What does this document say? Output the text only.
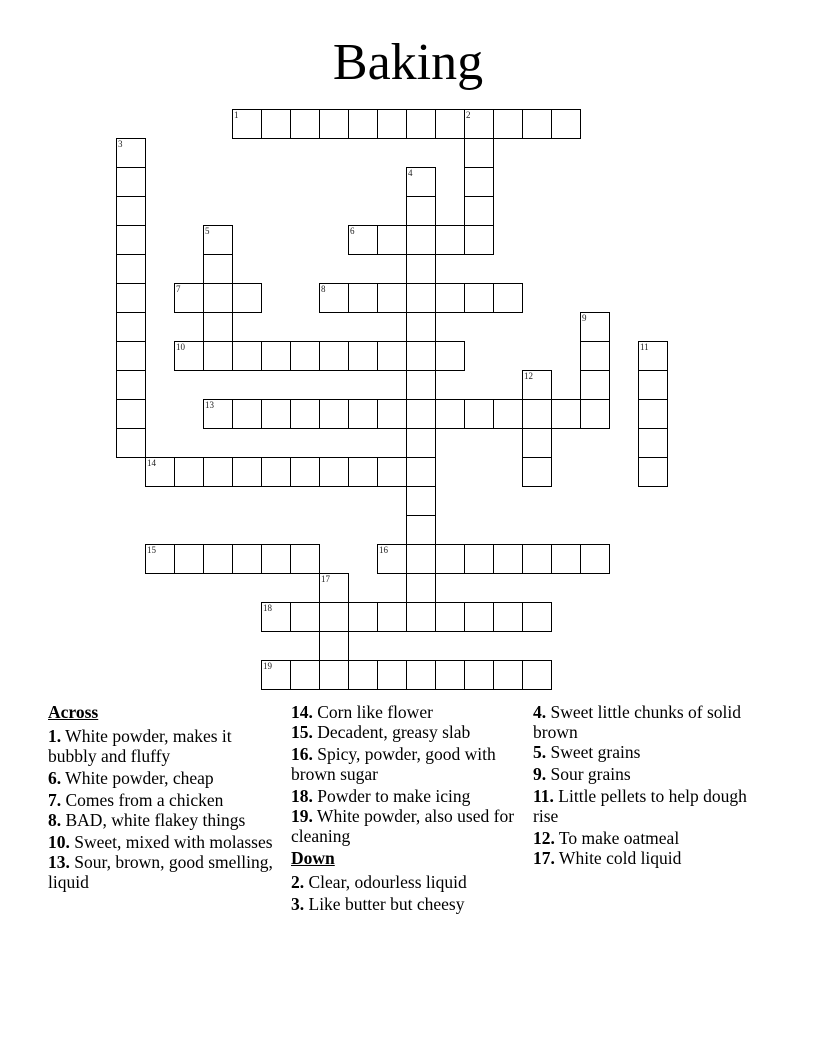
Baking
1	2
3
4
5	6
7	8
9
10	11
12
13
14
15	16
17
18
19
Across
1. White powder, makes it bubbly and fluffy
6. White powder, cheap
7. Comes from a chicken
8. BAD, white flakey things
10. Sweet, mixed with molasses
13. Sour, brown, good smelling, liquid
14. Corn like flower
15. Decadent, greasy slab
16. Spicy, powder, good with brown sugar
18. Powder to make icing
19. White powder, also used for cleaning
Down
2. Clear, odourless liquid
3. Like butter but cheesy
4. Sweet little chunks of solid brown
5. Sweet grains
9. Sour grains
11. Little pellets to help dough rise
12. To make oatmeal
17. White cold liquid
